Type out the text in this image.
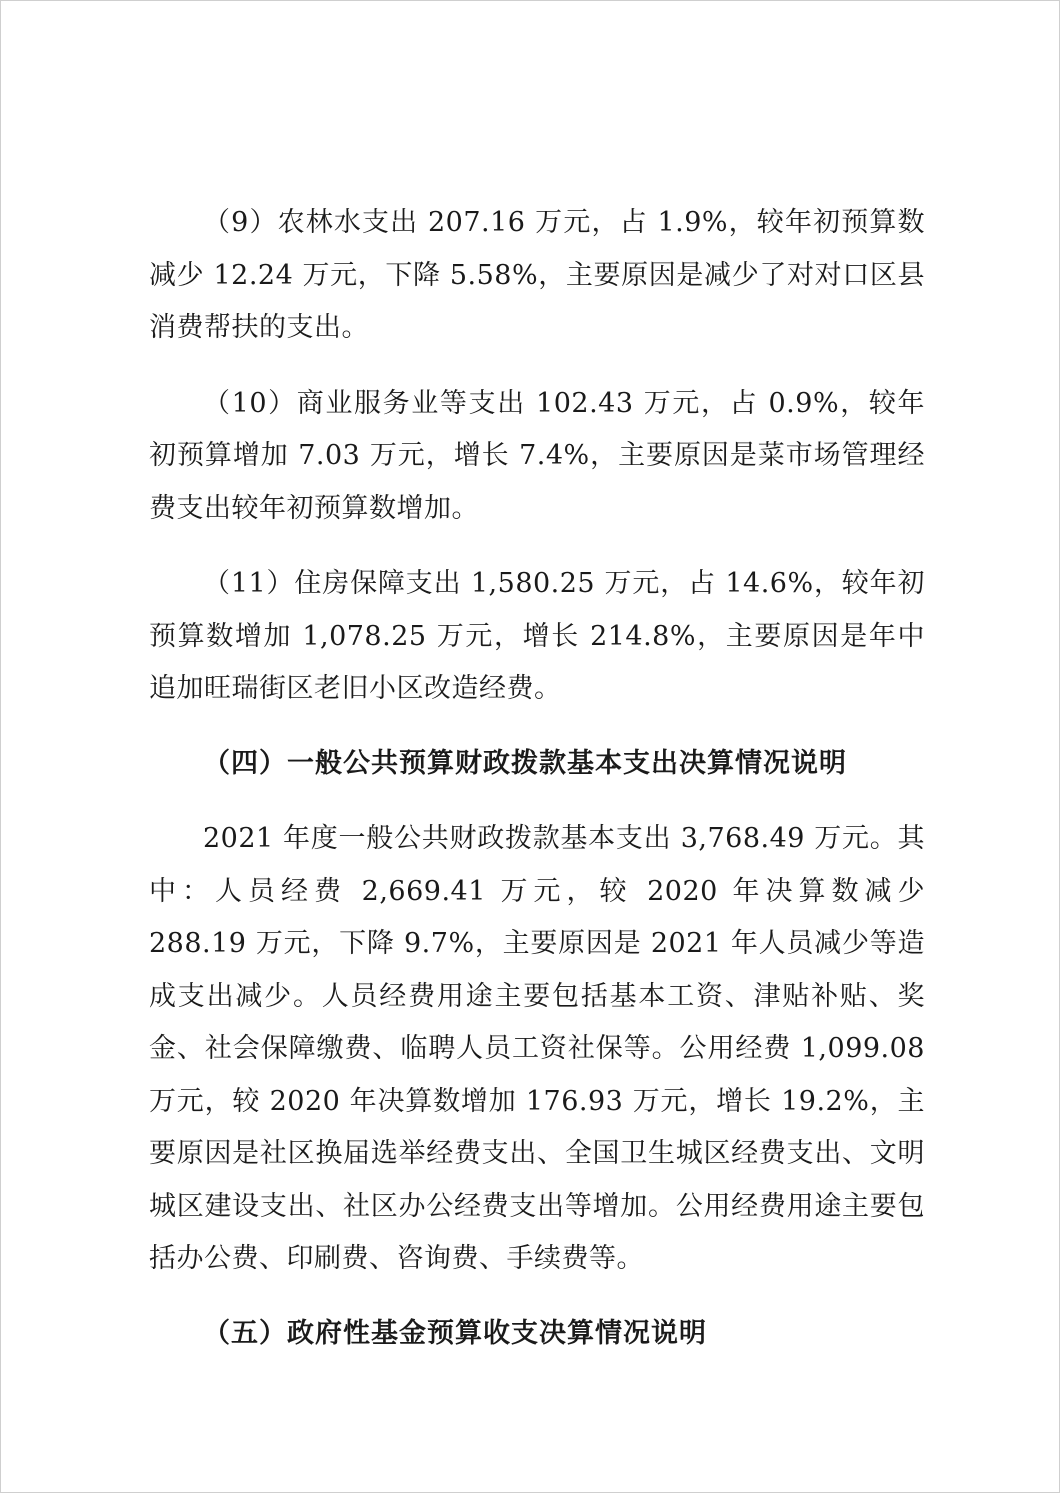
（9）农林水支出 207.16 万元，占 1.9%，较年初预算数减少 12.24 万元，下降 5.58%，主要原因是减少了对对口区县消费帮扶的支出。

（10）商业服务业等支出 102.43 万元，占 0.9%，较年初预算增加 7.03 万元，增长 7.4%，主要原因是菜市场管理经费支出较年初预算数增加。

（11）住房保障支出 1,580.25 万元，占 14.6%，较年初预算数增加 1,078.25 万元，增长 214.8%，主要原因是年中追加旺瑞街区老旧小区改造经费。

（四）一般公共预算财政拨款基本支出决算情况说明

2021 年度一般公共财政拨款基本支出 3,768.49 万元。其中：人员经费 2,669.41 万元，较 2020 年决算数减少 288.19 万元，下降 9.7%，主要原因是 2021 年人员减少等造成支出减少。人员经费用途主要包括基本工资、津贴补贴、奖金、社会保障缴费、临聘人员工资社保等。公用经费 1,099.08 万元，较 2020 年决算数增加 176.93 万元，增长 19.2%，主要原因是社区换届选举经费支出、全国卫生城区经费支出、文明城区建设支出、社区办公经费支出等增加。公用经费用途主要包括办公费、印刷费、咨询费、手续费等。

（五）政府性基金预算收支决算情况说明
